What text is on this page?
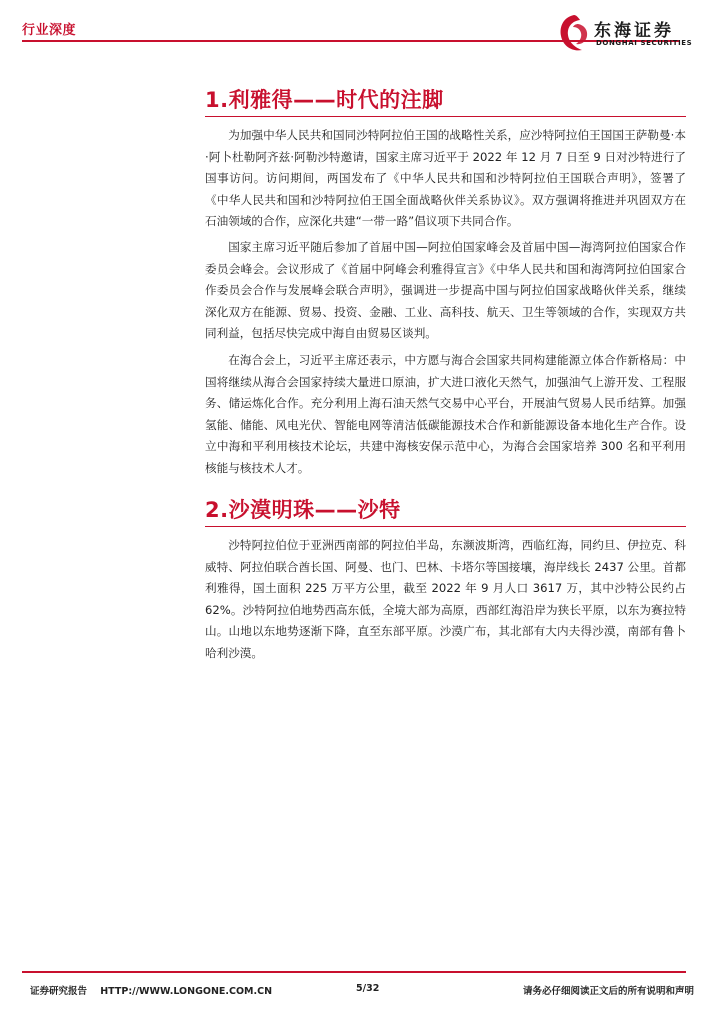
行业深度	东海证券
DONGHAI SECURITIES
1.利雅得——时代的注脚

为加强中华人民共和国同沙特阿拉伯王国的战略性关系，应沙特阿拉伯王国国王萨勒曼·本·阿卜杜勒阿齐兹·阿勒沙特邀请，国家主席习近平于 2022 年 12 月 7 日至 9 日对沙特进行了国事访问。访问期间，两国发布了《中华人民共和国和沙特阿拉伯王国联合声明》，签署了《中华人民共和国和沙特阿拉伯王国全面战略伙伴关系协议》。双方强调将推进并巩固双方在石油领域的合作，应深化共建“一带一路”倡议项下共同合作。

国家主席习近平随后参加了首届中国—阿拉伯国家峰会及首届中国—海湾阿拉伯国家合作委员会峰会。会议形成了《首届中阿峰会利雅得宣言》《中华人民共和国和海湾阿拉伯国家合作委员会合作与发展峰会联合声明》，强调进一步提高中国与阿拉伯国家战略伙伴关系，继续深化双方在能源、贸易、投资、金融、工业、高科技、航天、卫生等领域的合作，实现双方共同利益，包括尽快完成中海自由贸易区谈判。

在海合会上，习近平主席还表示，中方愿与海合会国家共同构建能源立体合作新格局：中国将继续从海合会国家持续大量进口原油，扩大进口液化天然气，加强油气上游开发、工程服务、储运炼化合作。充分利用上海石油天然气交易中心平台，开展油气贸易人民币结算。加强氢能、储能、风电光伏、智能电网等清洁低碳能源技术合作和新能源设备本地化生产合作。设立中海和平利用核技术论坛，共建中海核安保示范中心，为海合会国家培养 300 名和平利用核能与核技术人才。

2.沙漠明珠——沙特

沙特阿拉伯位于亚洲西南部的阿拉伯半岛，东濒波斯湾，西临红海，同约旦、伊拉克、科威特、阿拉伯联合酋长国、阿曼、也门、巴林、卡塔尔等国接壤，海岸线长 2437 公里。首都利雅得，国土面积 225 万平方公里，截至 2022 年 9 月人口 3617 万，其中沙特公民约占 62%。沙特阿拉伯地势西高东低，全境大部为高原，西部红海沿岸为狭长平原，以东为赛拉特山。山地以东地势逐渐下降，直至东部平原。沙漠广布，其北部有大内夫得沙漠，南部有鲁卜哈利沙漠。

证券研究报告    HTTP://WWW.LONGONE.COM.CN	5/32	请务必仔细阅读正文后的所有说明和声明
